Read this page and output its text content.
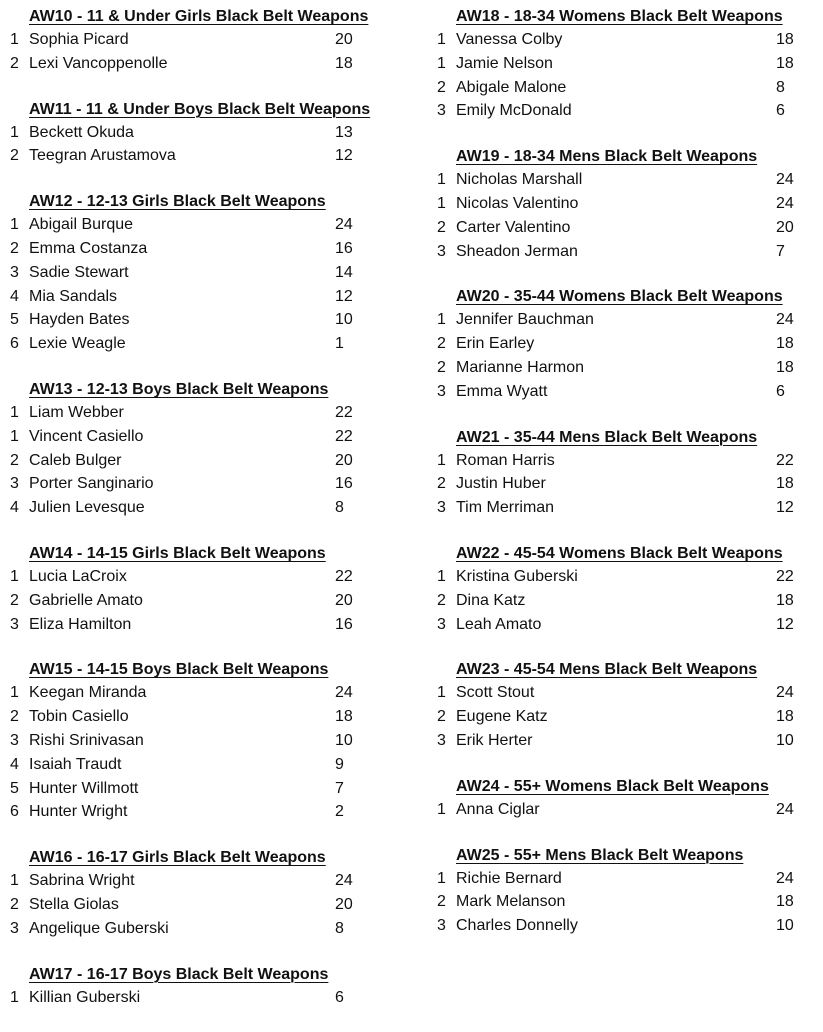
AW10 - 11 & Under Girls Black Belt Weapons
1 Sophia Picard	20
2 Lexi Vancoppenolle	18
AW11 - 11 & Under Boys Black Belt Weapons
1 Beckett Okuda	13
2 Teegran Arustamova	12
AW12 - 12-13 Girls Black Belt Weapons
1 Abigail Burque	24
2 Emma Costanza	16
3 Sadie Stewart	14
4 Mia Sandals	12
5 Hayden Bates	10
6 Lexie Weagle	1
AW13 - 12-13 Boys Black Belt Weapons
1 Liam Webber	22
1 Vincent Casiello	22
2 Caleb Bulger	20
3 Porter Sanginario	16
4 Julien Levesque	8
AW14 - 14-15 Girls Black Belt Weapons
1 Lucia LaCroix	22
2 Gabrielle Amato	20
3 Eliza Hamilton	16
AW15 - 14-15 Boys Black Belt Weapons
1 Keegan Miranda	24
2 Tobin Casiello	18
3 Rishi Srinivasan	10
4 Isaiah Traudt	9
5 Hunter Willmott	7
6 Hunter Wright	2
AW16 - 16-17 Girls Black Belt Weapons
1 Sabrina Wright	24
2 Stella Giolas	20
3 Angelique Guberski	8
AW17 - 16-17 Boys Black Belt Weapons
1 Killian Guberski	6
AW18 - 18-34 Womens Black Belt Weapons
1 Vanessa Colby	18
1 Jamie Nelson	18
2 Abigale Malone	8
3 Emily McDonald	6
AW19 - 18-34 Mens Black Belt Weapons
1 Nicholas Marshall	24
1 Nicolas Valentino	24
2 Carter Valentino	20
3 Sheadon Jerman	7
AW20 - 35-44 Womens Black Belt Weapons
1 Jennifer Bauchman	24
2 Erin Earley	18
2 Marianne Harmon	18
3 Emma Wyatt	6
AW21 - 35-44 Mens Black Belt Weapons
1 Roman Harris	22
2 Justin Huber	18
3 Tim Merriman	12
AW22 - 45-54 Womens Black Belt Weapons
1 Kristina Guberski	22
2 Dina Katz	18
3 Leah Amato	12
AW23 - 45-54 Mens Black Belt Weapons
1 Scott Stout	24
2 Eugene Katz	18
3 Erik Herter	10
AW24 - 55+ Womens Black Belt Weapons
1 Anna Ciglar	24
AW25 - 55+ Mens Black Belt Weapons
1 Richie Bernard	24
2 Mark Melanson	18
3 Charles Donnelly	10
